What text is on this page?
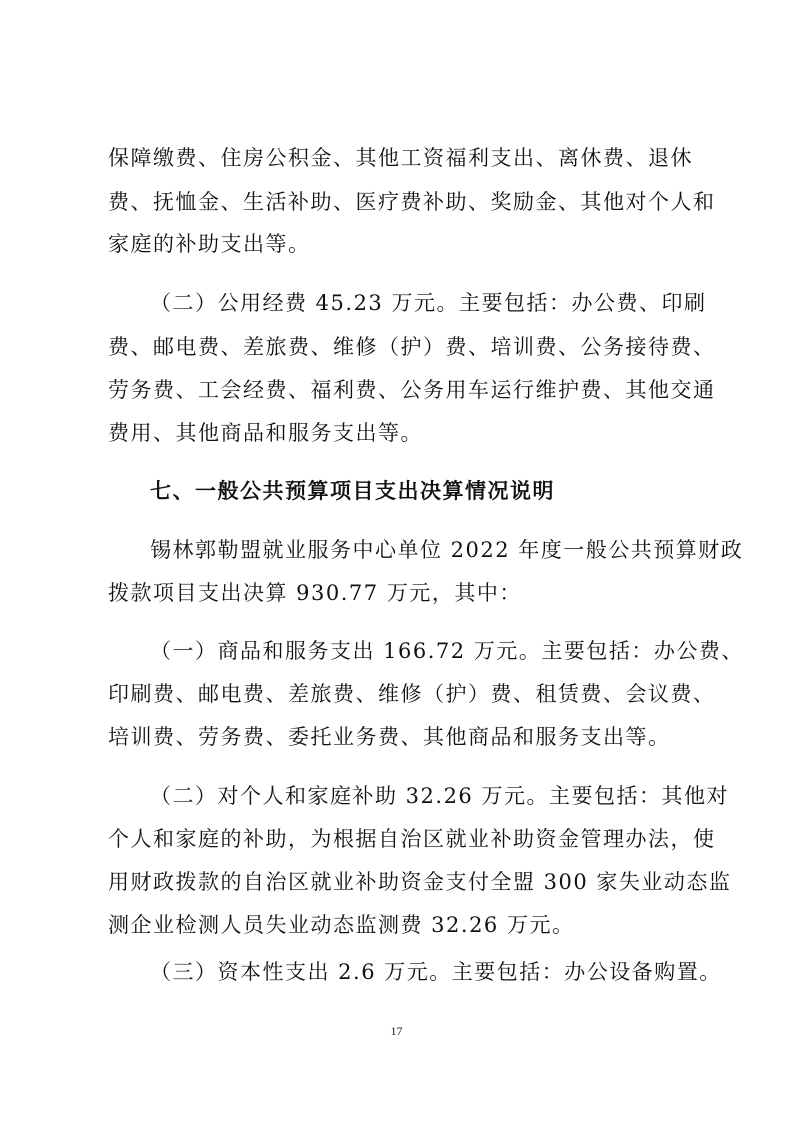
保障缴费、住房公积金、其他工资福利支出、离休费、退休
费、抚恤金、生活补助、医疗费补助、奖励金、其他对个人和
家庭的补助支出等。
（二）公用经费 45.23 万元。主要包括：办公费、印刷
费、邮电费、差旅费、维修（护）费、培训费、公务接待费、
劳务费、工会经费、福利费、公务用车运行维护费、其他交通
费用、其他商品和服务支出等。
七、一般公共预算项目支出决算情况说明
锡林郭勒盟就业服务中心单位 2022 年度一般公共预算财政
拨款项目支出决算 930.77 万元，其中：
（一）商品和服务支出 166.72 万元。主要包括：办公费、
印刷费、邮电费、差旅费、维修（护）费、租赁费、会议费、
培训费、劳务费、委托业务费、其他商品和服务支出等。
（二）对个人和家庭补助 32.26 万元。主要包括：其他对
个人和家庭的补助，为根据自治区就业补助资金管理办法，使
用财政拨款的自治区就业补助资金支付全盟 300 家失业动态监
测企业检测人员失业动态监测费 32.26 万元。
（三）资本性支出 2.6 万元。主要包括：办公设备购置。
17
